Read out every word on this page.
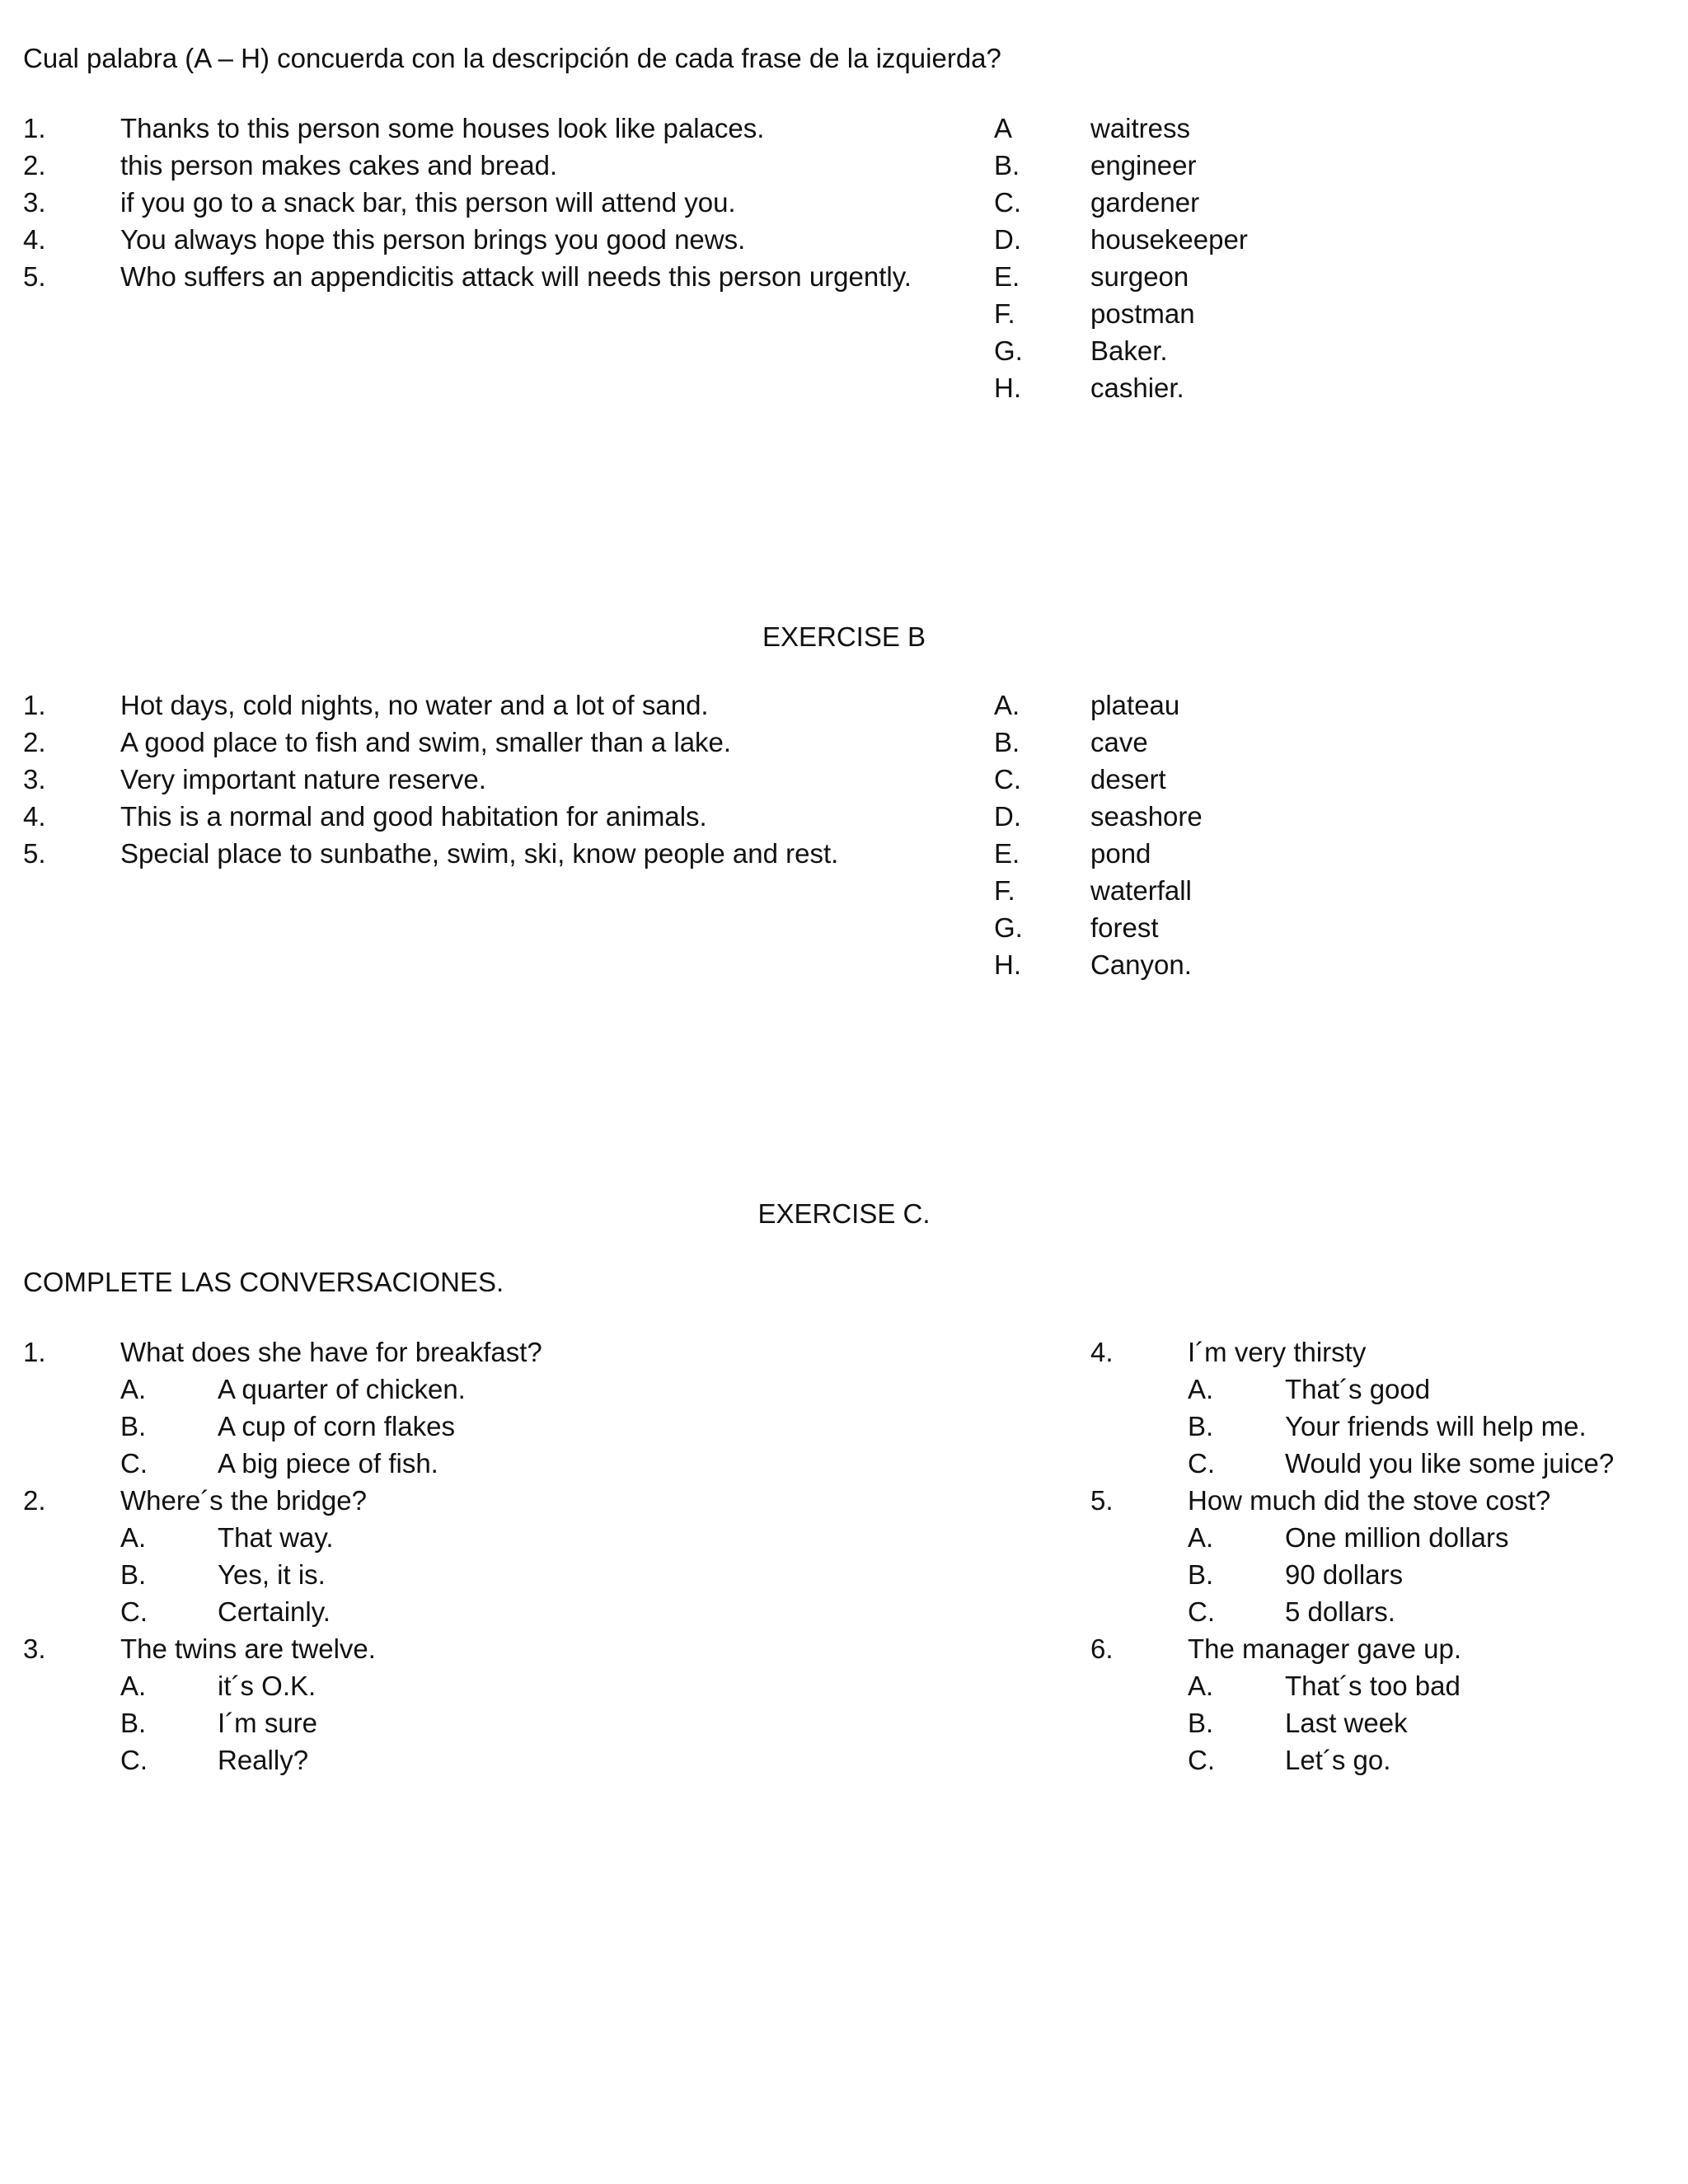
Cual palabra (A – H) concuerda con la descripción de cada frase de la izquierda?
1.	Thanks to this person some houses look like palaces.
2.	this person makes cakes and bread.
3.	if you go to a snack bar, this person will attend you.
4.	You always hope this person brings you good news.
5.	Who suffers an appendicitis attack will needs this person urgently.
A	waitress
B.	engineer
C.	gardener
D.	housekeeper
E.	surgeon
F.	postman
G. Baker.
H.	cashier.
EXERCISE B
1.	Hot days, cold nights, no water and a lot of sand.
2.	A good place to fish and swim, smaller than a lake.
3.	Very important nature reserve.
4.	This is a normal and good habitation for animals.
5.	Special place to sunbathe, swim, ski, know people and rest.
A.	plateau
B.	cave
C.	desert
D.	seashore
E.	pond
F.	waterfall
G. forest
H.	Canyon.
EXERCISE C.
COMPLETE LAS CONVERSACIONES.
1.	What does she have for breakfast?
A.	A quarter of chicken.
B.	A cup of corn flakes
C.	A big piece of fish.
2.	Where´s the bridge?
A.	That way.
B.	Yes, it is.
C.	Certainly.
3.	The twins are twelve.
A.	it´s O.K.
B.	I´m sure
C.	Really?
4.	I´m very thirsty
A.	That´s good
B.	Your friends will help me.
C.	Would you like some juice?
5.	How much did the stove cost?
A.	One million dollars
B.	90 dollars
C.	5 dollars.
6.	The manager gave up.
A.	That´s too bad
B.	Last week
C.	Let´s go.
